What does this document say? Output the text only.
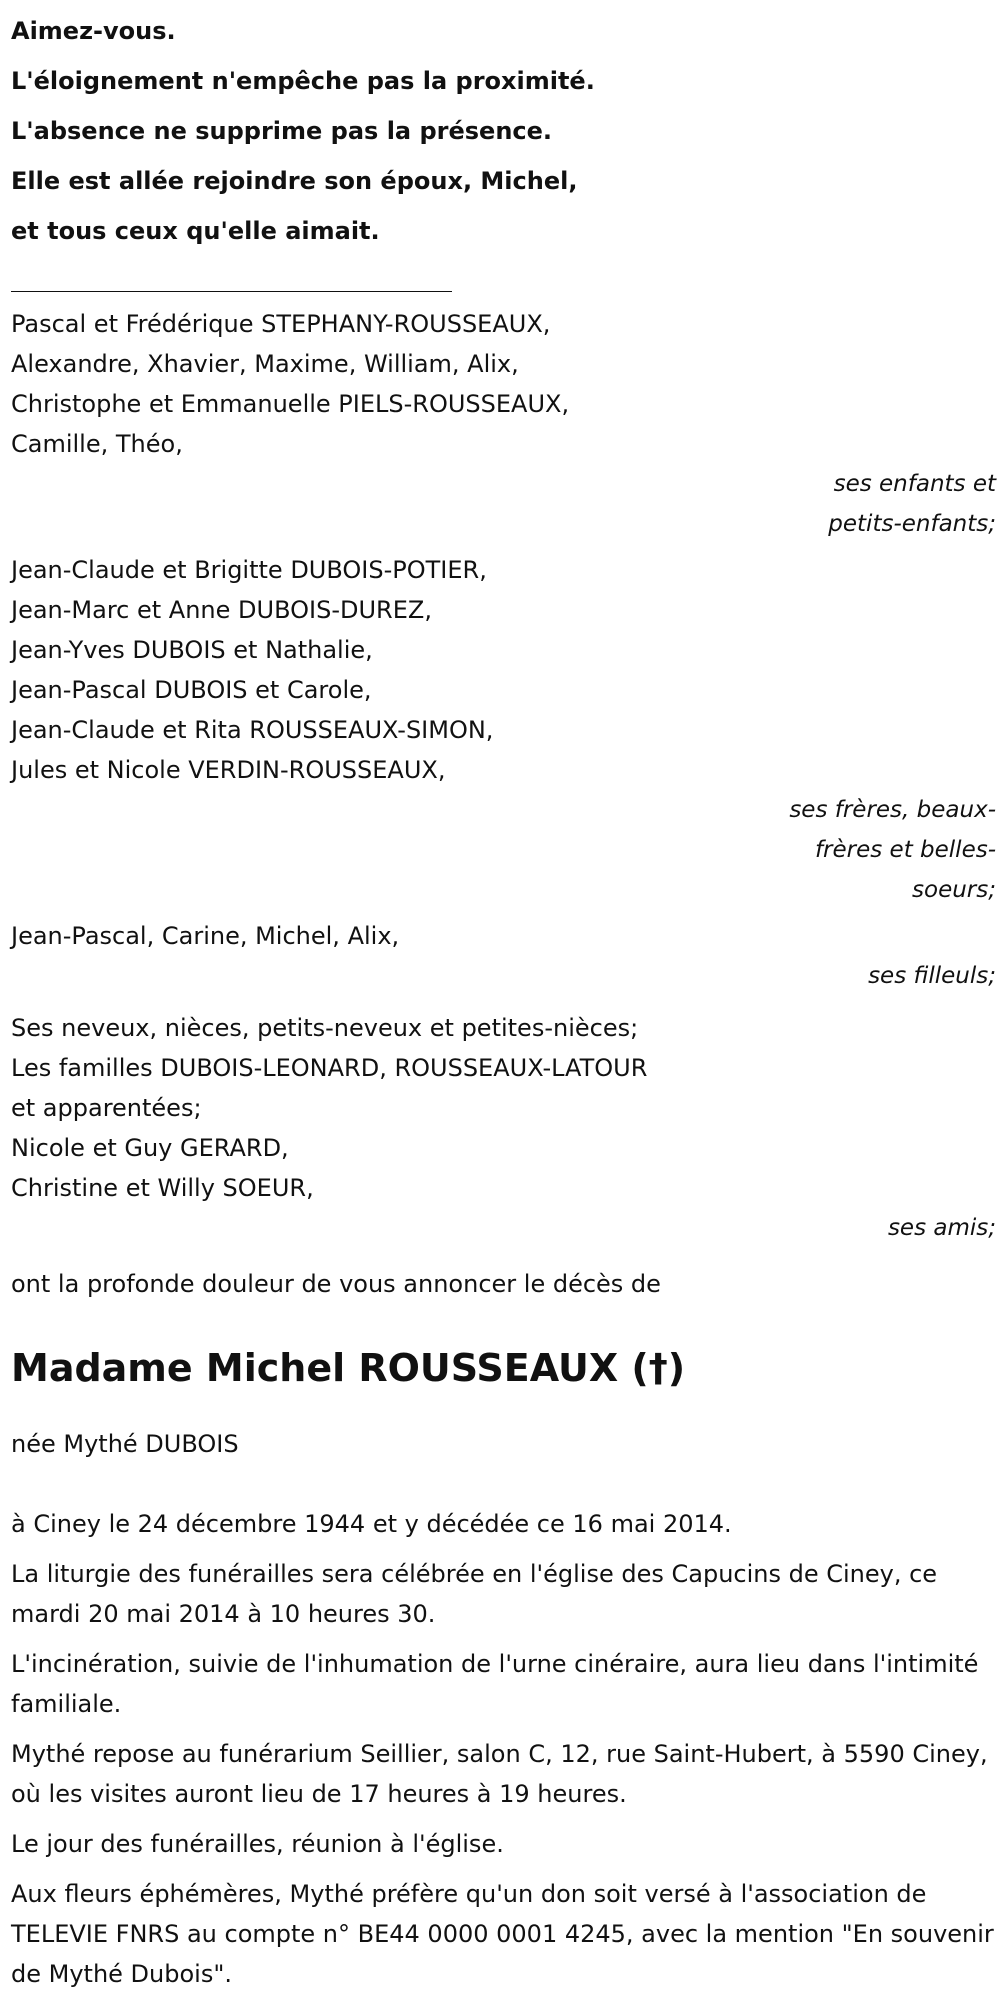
Aimez-vous.

L'éloignement n'empêche pas la proximité.

L'absence ne supprime pas la présence.

Elle est allée rejoindre son époux, Michel,

et tous ceux qu'elle aimait.

Pascal et Frédérique STEPHANY-ROUSSEAUX,
Alexandre, Xhavier, Maxime, William, Alix,
Christophe et Emmanuelle PIELS-ROUSSEAUX,
Camille, Théo,
ses enfants et
petits-enfants;
Jean-Claude et Brigitte DUBOIS-POTIER,
Jean-Marc et Anne DUBOIS-DUREZ,
Jean-Yves DUBOIS et Nathalie,
Jean-Pascal DUBOIS et Carole,
Jean-Claude et Rita ROUSSEAUX-SIMON,
Jules et Nicole VERDIN-ROUSSEAUX,
ses frères, beaux-
frères et belles-
soeurs;
Jean-Pascal, Carine, Michel, Alix,
ses filleuls;
Ses neveux, nièces, petits-neveux et petites-nièces;
Les familles DUBOIS-LEONARD, ROUSSEAUX-LATOUR
et apparentées;
Nicole et Guy GERARD,
Christine et Willy SOEUR,
ses amis;
ont la profonde douleur de vous annoncer le décès de
Madame Michel ROUSSEAUX (†)
née Mythé DUBOIS

à Ciney le 24 décembre 1944 et y décédée ce 16 mai 2014.

La liturgie des funérailles sera célébrée en l'église des Capucins de Ciney, ce mardi 20 mai 2014 à 10 heures 30.

L'incinération, suivie de l'inhumation de l'urne cinéraire, aura lieu dans l'intimité familiale.

Mythé repose au funérarium Seillier, salon C, 12, rue Saint-Hubert, à 5590 Ciney, où les visites auront lieu de 17 heures à 19 heures.

Le jour des funérailles, réunion à l'église.

Aux fleurs éphémères, Mythé préfère qu'un don soit versé à l'association de TELEVIE FNRS au compte n° BE44 0000 0001 4245, avec la mention "En souvenir de Mythé Dubois".
